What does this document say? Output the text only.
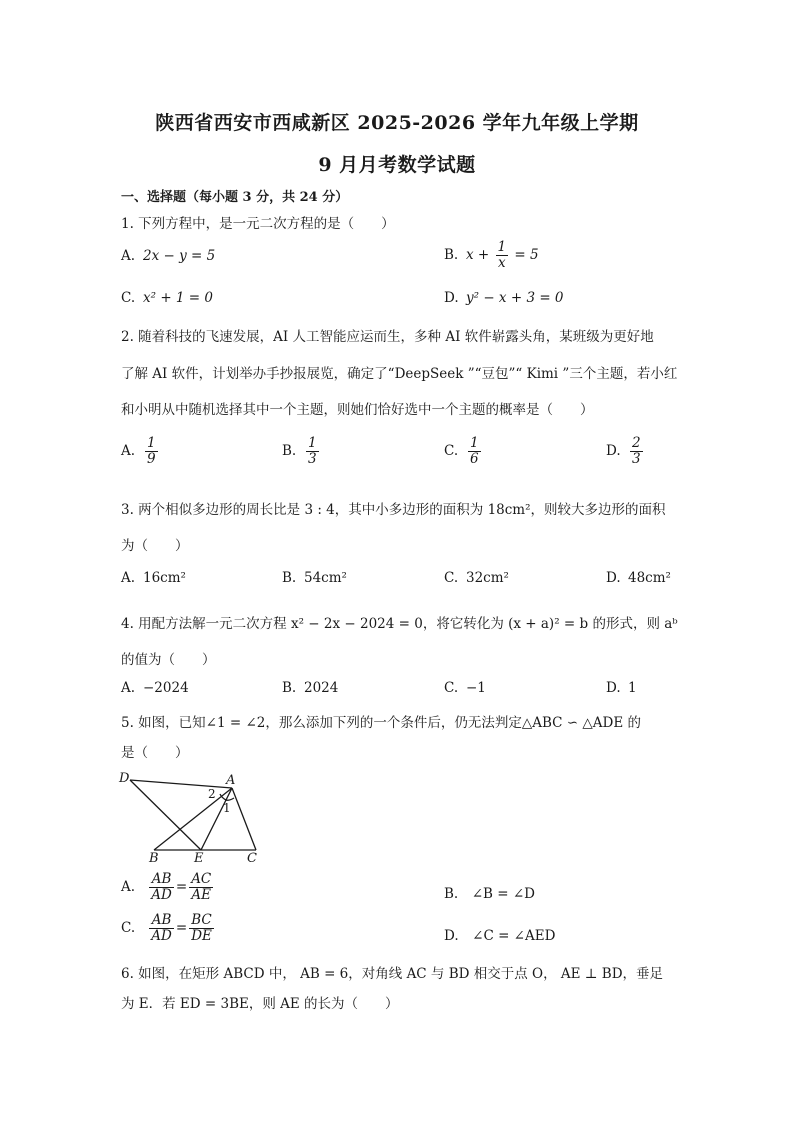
陕西省西安市西咸新区 2025-2026 学年九年级上学期
9 月月考数学试题
一、选择题（每小题 3 分，共 24 分）
1. 下列方程中，是一元二次方程的是（　　）
A. 2x − y = 5	B. $x + \frac{1}{x} = 5$
C. x² + 1 = 0	D. y² − x + 3 = 0
2. 随着科技的飞速发展，AI 人工智能应运而生，多种 AI 软件崭露头角，某班级为更好地
了解 AI 软件，计划举办手抄报展览，确定了“DeepSeek ”“豆包”“ Kimi ”三个主题，若小红
和小明从中随机选择其中一个主题，则她们恰好选中一个主题的概率是（　　）
A. $\frac{1}{9}$	B. $\frac{1}{3}$	C. $\frac{1}{6}$	D. $\frac{2}{3}$
3. 两个相似多边形的周长比是 3 : 4，其中小多边形的面积为 18cm²，则较大多边形的面积
为（　　）
A. 16cm²	B. 54cm²	C. 32cm²	D. 48cm²
4. 用配方法解一元二次方程 x² − 2x − 2024 = 0，将它转化为 (x + a)² = b 的形式，则 aᵇ
的值为（　　）
A. −2024	B. 2024	C. −1	D. 1
5. 如图，已知∠1 = ∠2，那么添加下列的一个条件后，仍无法判定△ABC ∽ △ADE 的
是（　　）
D	A
B	E	C
2
1
A. $\frac{AB}{AD} = \frac{AC}{AE}$	B.　∠B = ∠D
C. $\frac{AB}{AD} = \frac{BC}{DE}$	D.　∠C = ∠AED
6. 如图，在矩形 ABCD 中， AB = 6，对角线 AC 与 BD 相交于点 O， AE ⊥ BD，垂足
为 E．若 ED = 3BE，则 AE 的长为（　　）
